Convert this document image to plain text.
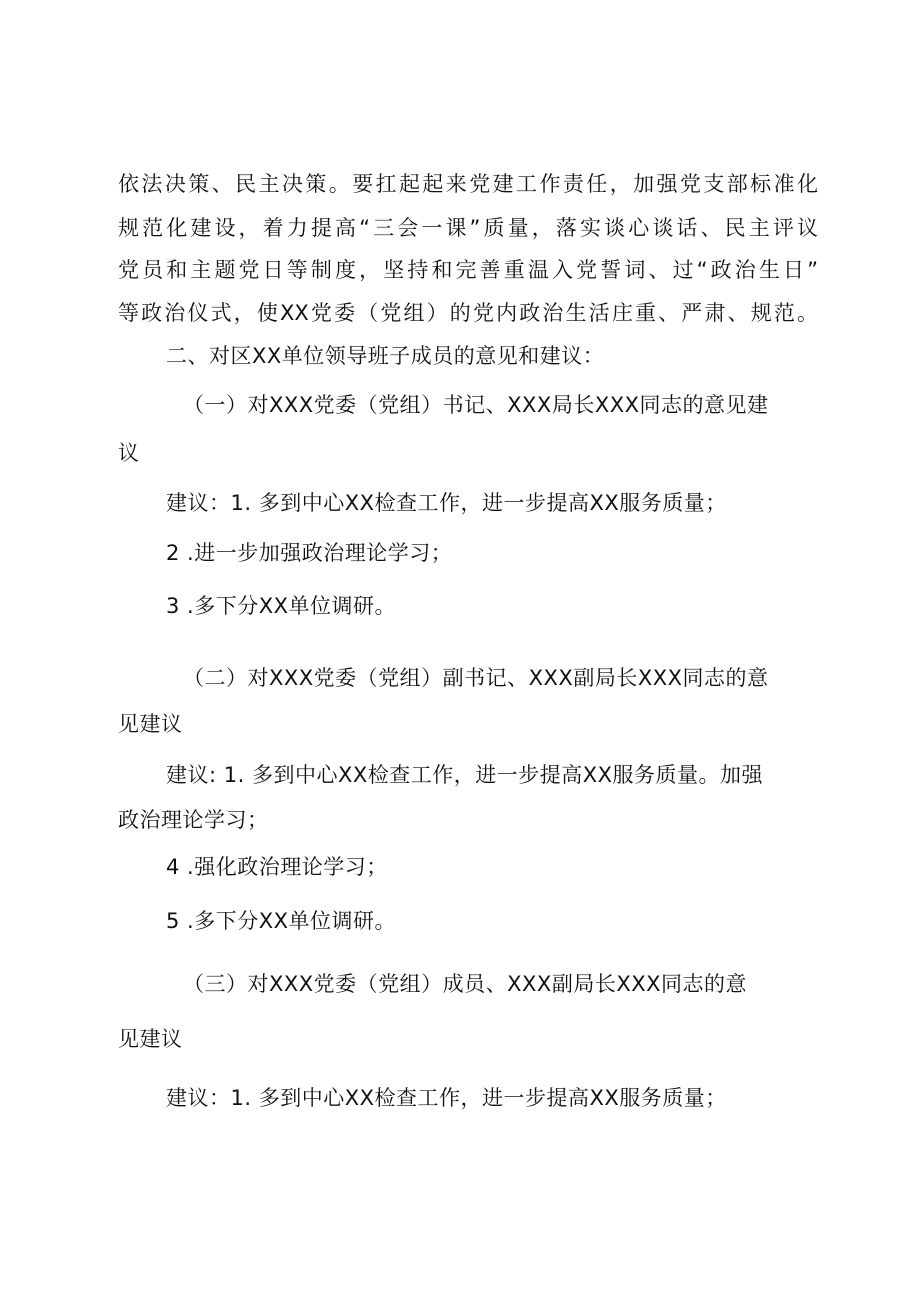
依法决策、民主决策。要扛起起来党建工作责任，加强党支部标准化
规范化建设，着力提高“三会一课”质量，落实谈心谈话、民主评议
党员和主题党日等制度，坚持和完善重温入党誓词、过“政治生日”
等政治仪式，使XX党委（党组）的党内政治生活庄重、严肃、规范。
二、对区XX单位领导班子成员的意见和建议：
（一）对XXX党委（党组）书记、XXX局长XXX同志的意见建
议
建议：1. 多到中心XX检查工作，进一步提高XX服务质量；
2 .进一步加强政治理论学习；
3 .多下分XX单位调研。
（二）对XXX党委（党组）副书记、XXX副局长XXX同志的意
见建议
建议: 1. 多到中心XX检查工作，进一步提高XX服务质量。加强
政治理论学习；
4 .强化政治理论学习；
5 .多下分XX单位调研。
（三）对XXX党委（党组）成员、XXX副局长XXX同志的意
见建议
建议：1. 多到中心XX检查工作，进一步提高XX服务质量；
